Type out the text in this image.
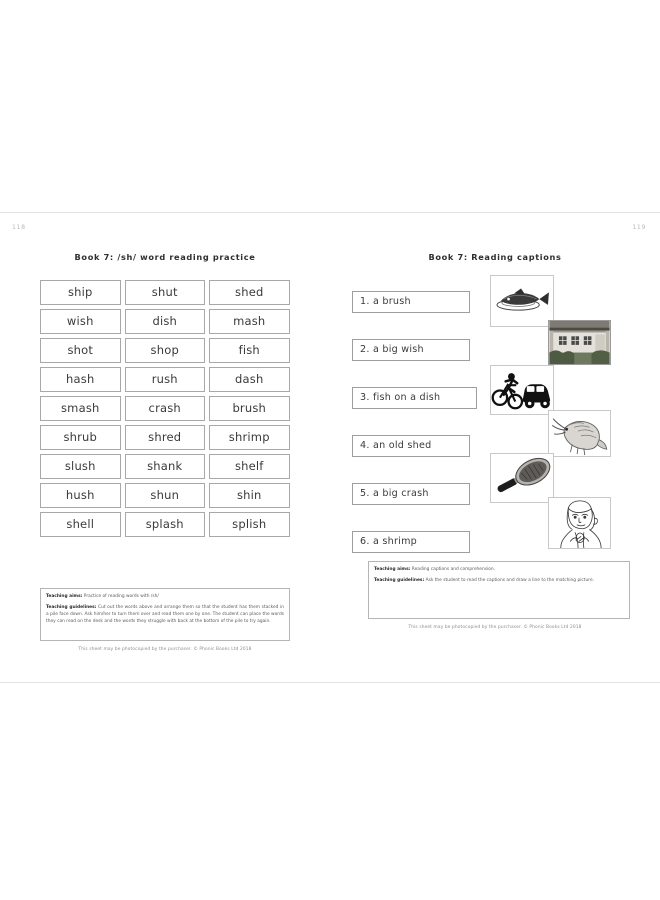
118
Book 7: /sh/ word reading practice
ship	shut	shed
wish	dish	mash
shot	shop	fish
hash	rush	dash
smash	crash	brush
shrub	shred	shrimp
slush	shank	shelf
hush	shun	shin
shell	splash	splish

Teaching aims: Practice of reading words with /sh/

Teaching guidelines: Cut out the words above and arrange them so that the student has them stacked in a pile face down. Ask him/her to turn them over and read them one by one. The student can place the words they can read on the desk and the words they struggle with back at the bottom of the pile to try again.

This sheet may be photocopied by the purchaser. © Phonic Books Ltd 2018
119
Book 7: Reading captions
1. a brush
2. a big wish
3. fish on a dish
4. an old shed
5. a big crash
6. a shrimp

Teaching aims: Reading captions and comprehension.

Teaching guidelines: Ask the student to read the captions and draw a line to the matching picture.

This sheet may be photocopied by the purchaser. © Phonic Books Ltd 2018
